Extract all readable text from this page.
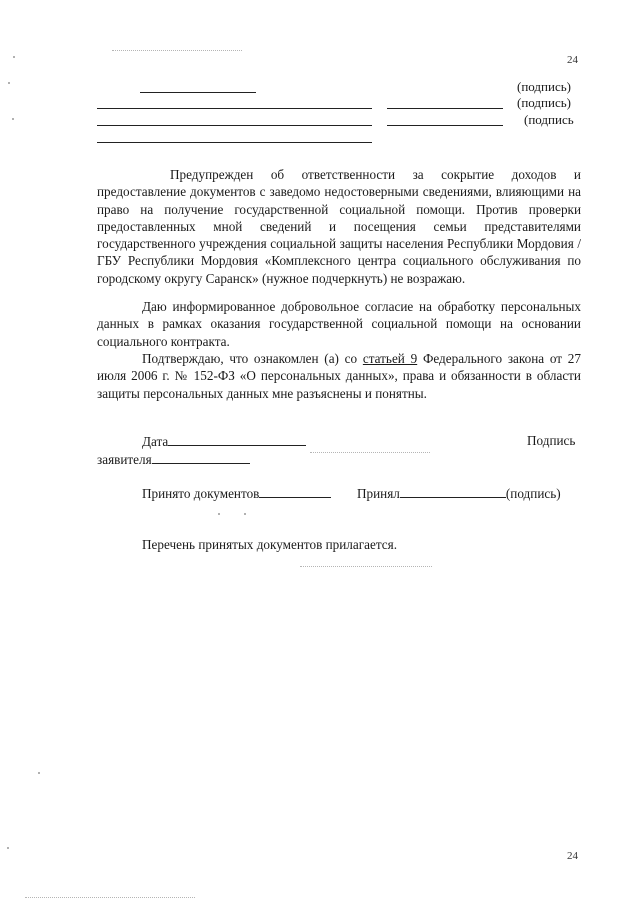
24
(подпись)
(подпись)
(подпись
Предупрежден об ответственности за сокрытие доходов и предоставление документов с заведомо недостоверными сведениями, влияющими на право на получение государственной социальной помощи. Против проверки предоставленных мной сведений и посещения семьи представителями государственного учреждения социальной защиты населения Республики Мордовия / ГБУ Республики Мордовия «Комплексного центра социального обслуживания по городскому округу Саранск» (нужное подчеркнуть) не возражаю.
Даю информированное добровольное согласие на обработку персональных данных в рамках оказания государственной социальной помощи на основании социального контракта.
Подтверждаю, что ознакомлен (а) со статьей 9 Федерального закона от 27 июля 2006 г. № 152-ФЗ «О персональных данных», права и обязанности в области защиты персональных данных мне разъяснены и понятны.
Дата	Подпись
заявителя
Принято документов	Принял	(подпись)
Перечень принятых документов прилагается.
24
